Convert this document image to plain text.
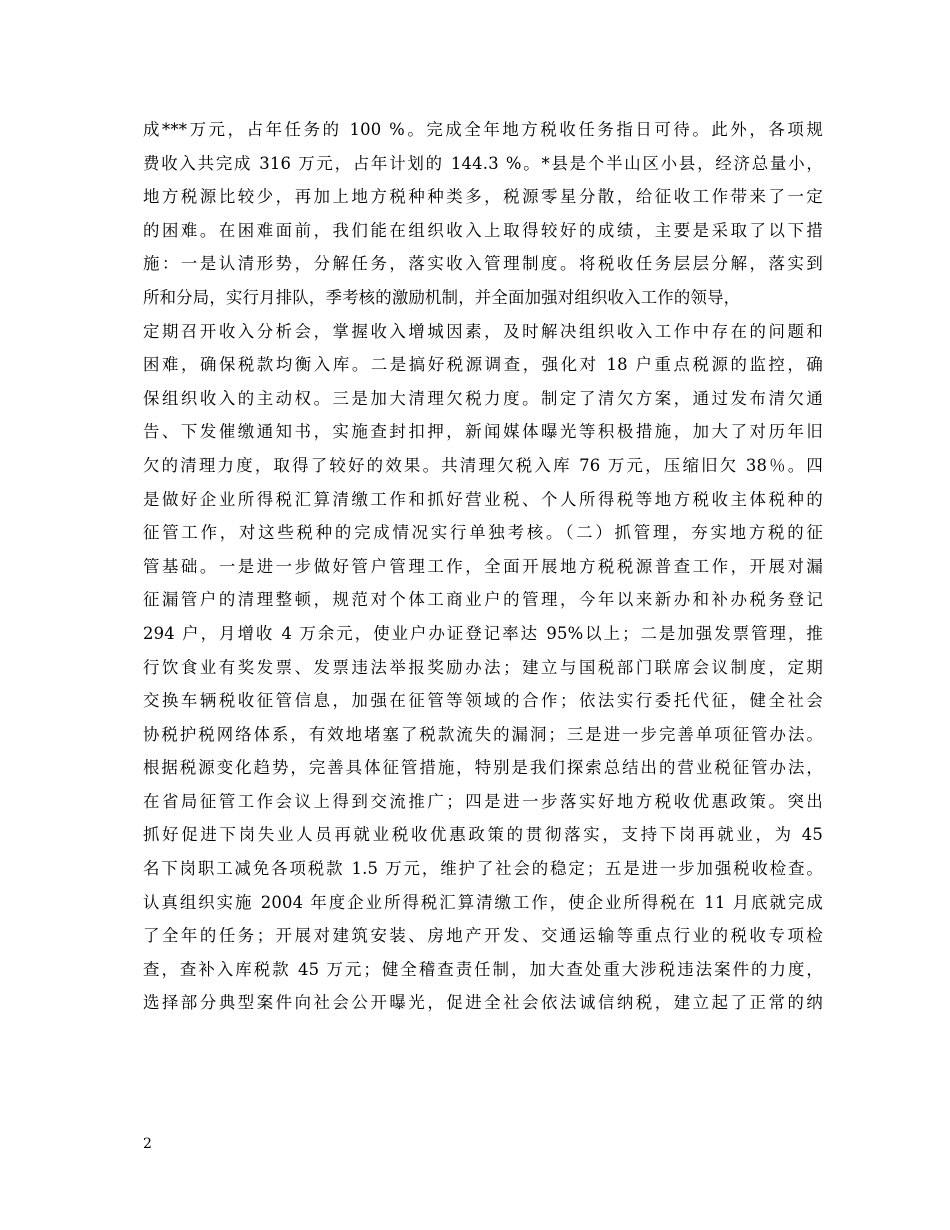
成***万元，占年任务的 100 %。完成全年地方税收任务指日可待。此外，各项规
费收入共完成 316 万元，占年计划的 144.3 %。*县是个半山区小县，经济总量小，
地方税源比较少，再加上地方税种种类多，税源零星分散，给征收工作带来了一定
的困难。在困难面前，我们能在组织收入上取得较好的成绩，主要是采取了以下措
施：一是认清形势，分解任务，落实收入管理制度。将税收任务层层分解，落实到
所和分局，实行月排队，季考核的激励机制，并全面加强对组织收入工作的领导，
定期召开收入分析会，掌握收入增城因素，及时解决组织收入工作中存在的问题和
困难，确保税款均衡入库。二是搞好税源调查，强化对 18 户重点税源的监控，确
保组织收入的主动权。三是加大清理欠税力度。制定了清欠方案，通过发布清欠通
告、下发催缴通知书，实施查封扣押，新闻媒体曝光等积极措施，加大了对历年旧
欠的清理力度，取得了较好的效果。共清理欠税入库 76 万元，压缩旧欠 38％。四
是做好企业所得税汇算清缴工作和抓好营业税、个人所得税等地方税收主体税种的
征管工作，对这些税种的完成情况实行单独考核。（二）抓管理，夯实地方税的征
管基础。一是进一步做好管户管理工作，全面开展地方税税源普查工作，开展对漏
征漏管户的清理整顿，规范对个体工商业户的管理，今年以来新办和补办税务登记
294 户，月增收 4 万余元，使业户办证登记率达 95%以上；二是加强发票管理，推
行饮食业有奖发票、发票违法举报奖励办法；建立与国税部门联席会议制度，定期
交换车辆税收征管信息，加强在征管等领域的合作；依法实行委托代征，健全社会
协税护税网络体系，有效地堵塞了税款流失的漏洞；三是进一步完善单项征管办法。
根据税源变化趋势，完善具体征管措施，特别是我们探索总结出的营业税征管办法，
在省局征管工作会议上得到交流推广；四是进一步落实好地方税收优惠政策。突出
抓好促进下岗失业人员再就业税收优惠政策的贯彻落实，支持下岗再就业，为 45
名下岗职工减免各项税款 1.5 万元，维护了社会的稳定；五是进一步加强税收检查。
认真组织实施 2004 年度企业所得税汇算清缴工作，使企业所得税在 11 月底就完成
了全年的任务；开展对建筑安装、房地产开发、交通运输等重点行业的税收专项检
查，查补入库税款 45 万元；健全稽查责任制，加大查处重大涉税违法案件的力度，
选择部分典型案件向社会公开曝光，促进全社会依法诚信纳税，建立起了正常的纳
2
